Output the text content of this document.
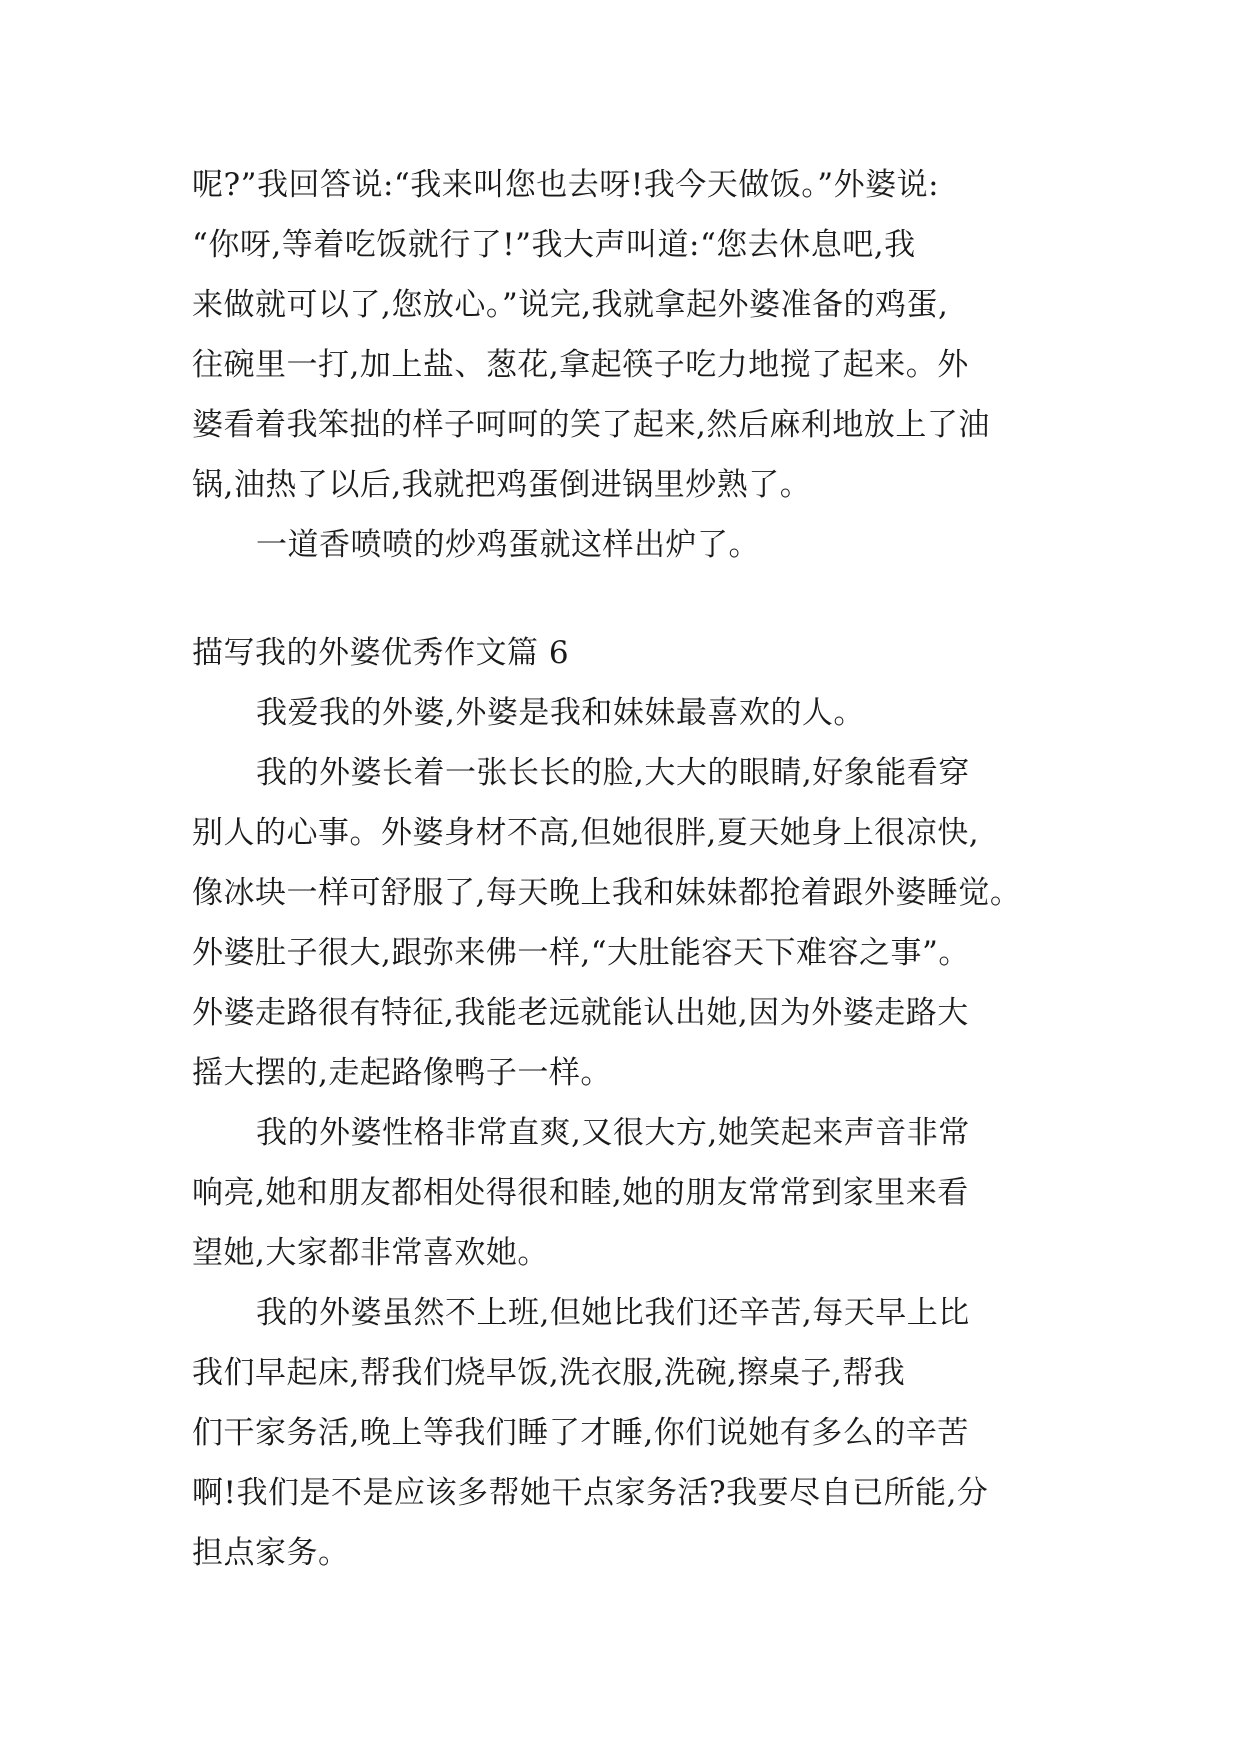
呢?”我回答说:“我来叫您也去呀!我今天做饭。”外婆说:
“你呀,等着吃饭就行了!”我大声叫道:“您去休息吧,我
来做就可以了,您放心。”说完,我就拿起外婆准备的鸡蛋,
往碗里一打,加上盐、葱花,拿起筷子吃力地搅了起来。外
婆看着我笨拙的样子呵呵的笑了起来,然后麻利地放上了油
锅,油热了以后,我就把鸡蛋倒进锅里炒熟了。
一道香喷喷的炒鸡蛋就这样出炉了。
描写我的外婆优秀作文篇 6
我爱我的外婆,外婆是我和妹妹最喜欢的人。
我的外婆长着一张长长的脸,大大的眼睛,好象能看穿
别人的心事。外婆身材不高,但她很胖,夏天她身上很凉快,
像冰块一样可舒服了,每天晚上我和妹妹都抢着跟外婆睡觉。
外婆肚子很大,跟弥来佛一样,“大肚能容天下难容之事”。
外婆走路很有特征,我能老远就能认出她,因为外婆走路大
摇大摆的,走起路像鸭子一样。
我的外婆性格非常直爽,又很大方,她笑起来声音非常
响亮,她和朋友都相处得很和睦,她的朋友常常到家里来看
望她,大家都非常喜欢她。
我的外婆虽然不上班,但她比我们还辛苦,每天早上比
我们早起床,帮我们烧早饭,洗衣服,洗碗,擦桌子,帮我
们干家务活,晚上等我们睡了才睡,你们说她有多么的辛苦
啊!我们是不是应该多帮她干点家务活?我要尽自已所能,分
担点家务。
